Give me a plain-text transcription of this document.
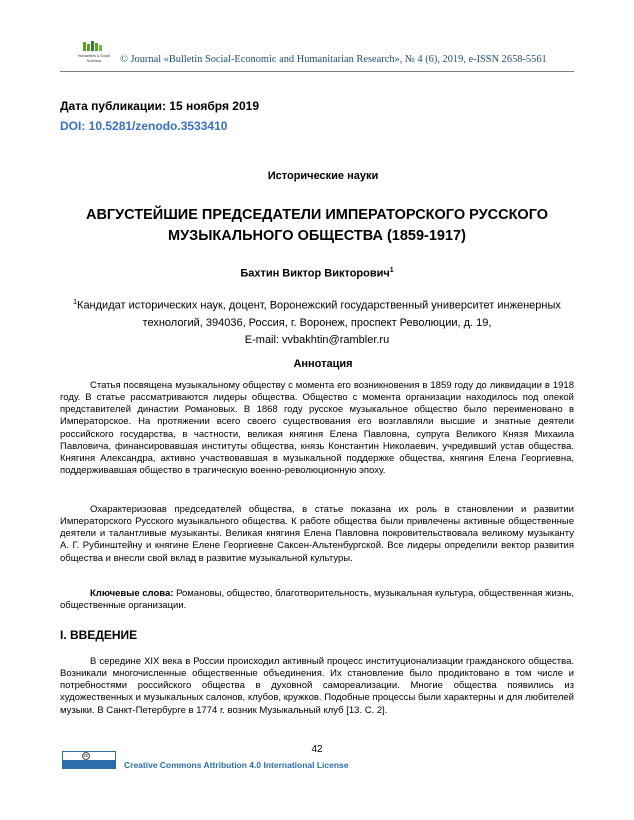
Humanities & Social
Sciences © Journal «Bulletin Social-Economic and Humanitarian Research», № 4 (6), 2019, e-ISSN 2658-5561
Дата публикации: 15 ноября 2019
DOI: 10.5281/zenodo.3533410
Исторические науки
АВГУСТЕЙШИЕ ПРЕДСЕДАТЕЛИ ИМПЕРАТОРСКОГО РУССКОГО
МУЗЫКАЛЬНОГО ОБЩЕСТВА (1859-1917)
Бахтин Виктор Викторович$^1$
$^1$Кандидат исторических наук, доцент, Воронежский государственный университет инженерных
технологий, 394036, Россия, г. Воронеж, проспект Революции, д. 19,
E-mail: vvbakhtin@rambler.ru
Аннотация
Статья посвящена музыкальному обществу с момента его возникновения в 1859 году до ликвидации в 1918 году. В статье рассматриваются лидеры общества. Общество с момента организации находилось под опекой представителей династии Романовых. В 1868 году русское музыкальное общество было переименовано в Императорское. На протяжении всего своего существования его возглавляли высшие и знатные деятели российского государства, в частности, великая княгиня Елена Павловна, супруга Великого Князя Михаила Павловича, финансировавшая институты общества, князь Константин Николаевич, учредивший устав общества. Княгиня Александра, активно участвовавшая в музыкальной поддержке общества, княгиня Елена Георгиевна, поддерживавшая общество в трагическую военно-революционную эпоху.
Охарактеризовав председателей общества, в статье показана их роль в становлении и развитии Императорского Русского музыкального общества. К работе общества были привлечены активные общественные деятели и талантливые музыканты. Великая княгиня Елена Павловна покровительствовала великому музыканту А. Г. Рубинштейну и княгине Елене Георгиевне Саксен-Альтенбургской. Все лидеры определили вектор развития общества и внесли свой вклад в развитие музыкальной культуры.
Ключевые слова: Романовы, общество, благотворительность, музыкальная культура, общественная жизнь, общественные организации.
I. ВВЕДЕНИЕ
В середине XIX века в России происходил активный процесс институционализации гражданского общества. Возникали многочисленные общественные объединения. Их становление было продиктовано в том числе и потребностями российского общества в духовной самореализации. Многие общества появились из художественных и музыкальных салонов, клубов, кружков. Подобные процессы были характерны и для любителей музыки. В Санкт-Петербурге в 1774 г. возник Музыкальный клуб [13. С. 2].
42
cc
Creative Commons Attribution 4.0 International License
